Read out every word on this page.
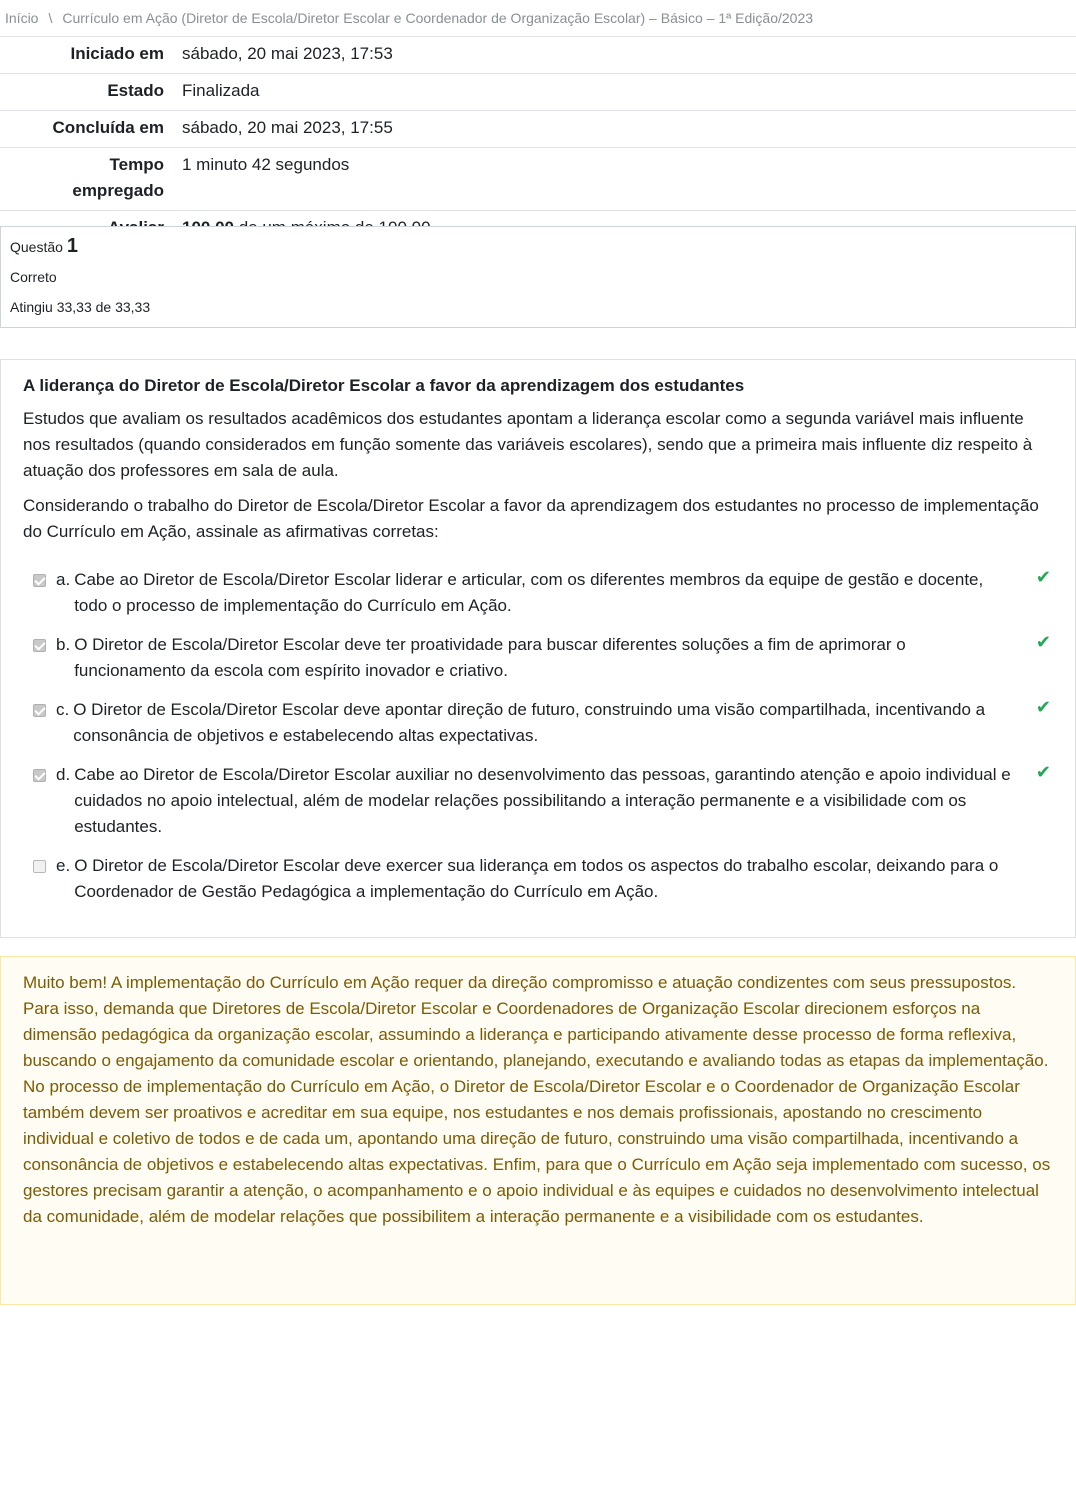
Início \ Currículo em Ação (Diretor de Escola/Diretor Escolar e Coordenador de Organização Escolar) – Básico – 1ª Edição/2023
Iniciado em	sábado, 20 mai 2023, 17:53
Estado	Finalizada
Concluída em	sábado, 20 mai 2023, 17:55
Tempo
empregado	1 minuto 42 segundos

Questão 1
Correto
Atingiu 33,33 de 33,33
A liderança do Diretor de Escola/Diretor Escolar a favor da aprendizagem dos estudantes

Estudos que avaliam os resultados acadêmicos dos estudantes apontam a liderança escolar como a segunda variável mais influente nos resultados (quando considerados em função somente das variáveis escolares), sendo que a primeira mais influente diz respeito à atuação dos professores em sala de aula.

Considerando o trabalho do Diretor de Escola/Diretor Escolar a favor da aprendizagem dos estudantes no processo de implementação do Currículo em Ação, assinale as afirmativas corretas:

a. Cabe ao Diretor de Escola/Diretor Escolar liderar e articular, com os diferentes membros da equipe de gestão e docente, todo o processo de implementação do Currículo em Ação.
✔
b. O Diretor de Escola/Diretor Escolar deve ter proatividade para buscar diferentes soluções a fim de aprimorar o funcionamento da escola com espírito inovador e criativo.
✔
c. O Diretor de Escola/Diretor Escolar deve apontar direção de futuro, construindo uma visão compartilhada, incentivando a consonância de objetivos e estabelecendo altas expectativas.
✔
d. Cabe ao Diretor de Escola/Diretor Escolar auxiliar no desenvolvimento das pessoas, garantindo atenção e apoio individual e cuidados no apoio intelectual, além de modelar relações possibilitando a interação permanente e a visibilidade com os estudantes.
✔
e. O Diretor de Escola/Diretor Escolar deve exercer sua liderança em todos os aspectos do trabalho escolar, deixando para o Coordenador de Gestão Pedagógica a implementação do Currículo em Ação.

Muito bem! A implementação do Currículo em Ação requer da direção compromisso e atuação condizentes com seus pressupostos. Para isso, demanda que Diretores de Escola/Diretor Escolar e Coordenadores de Organização Escolar direcionem esforços na dimensão pedagógica da organização escolar, assumindo a liderança e participando ativamente desse processo de forma reflexiva, buscando o engajamento da comunidade escolar e orientando, planejando, executando e avaliando todas as etapas da implementação. No processo de implementação do Currículo em Ação, o Diretor de Escola/Diretor Escolar e o Coordenador de Organização Escolar também devem ser proativos e acreditar em sua equipe, nos estudantes e nos demais profissionais, apostando no crescimento individual e coletivo de todos e de cada um, apontando uma direção de futuro, construindo uma visão compartilhada, incentivando a consonância de objetivos e estabelecendo altas expectativas. Enfim, para que o Currículo em Ação seja implementado com sucesso, os gestores precisam garantir a atenção, o acompanhamento e o apoio individual e às equipes e cuidados no desenvolvimento intelectual da comunidade, além de modelar relações que possibilitem a interação permanente e a visibilidade com os estudantes.
